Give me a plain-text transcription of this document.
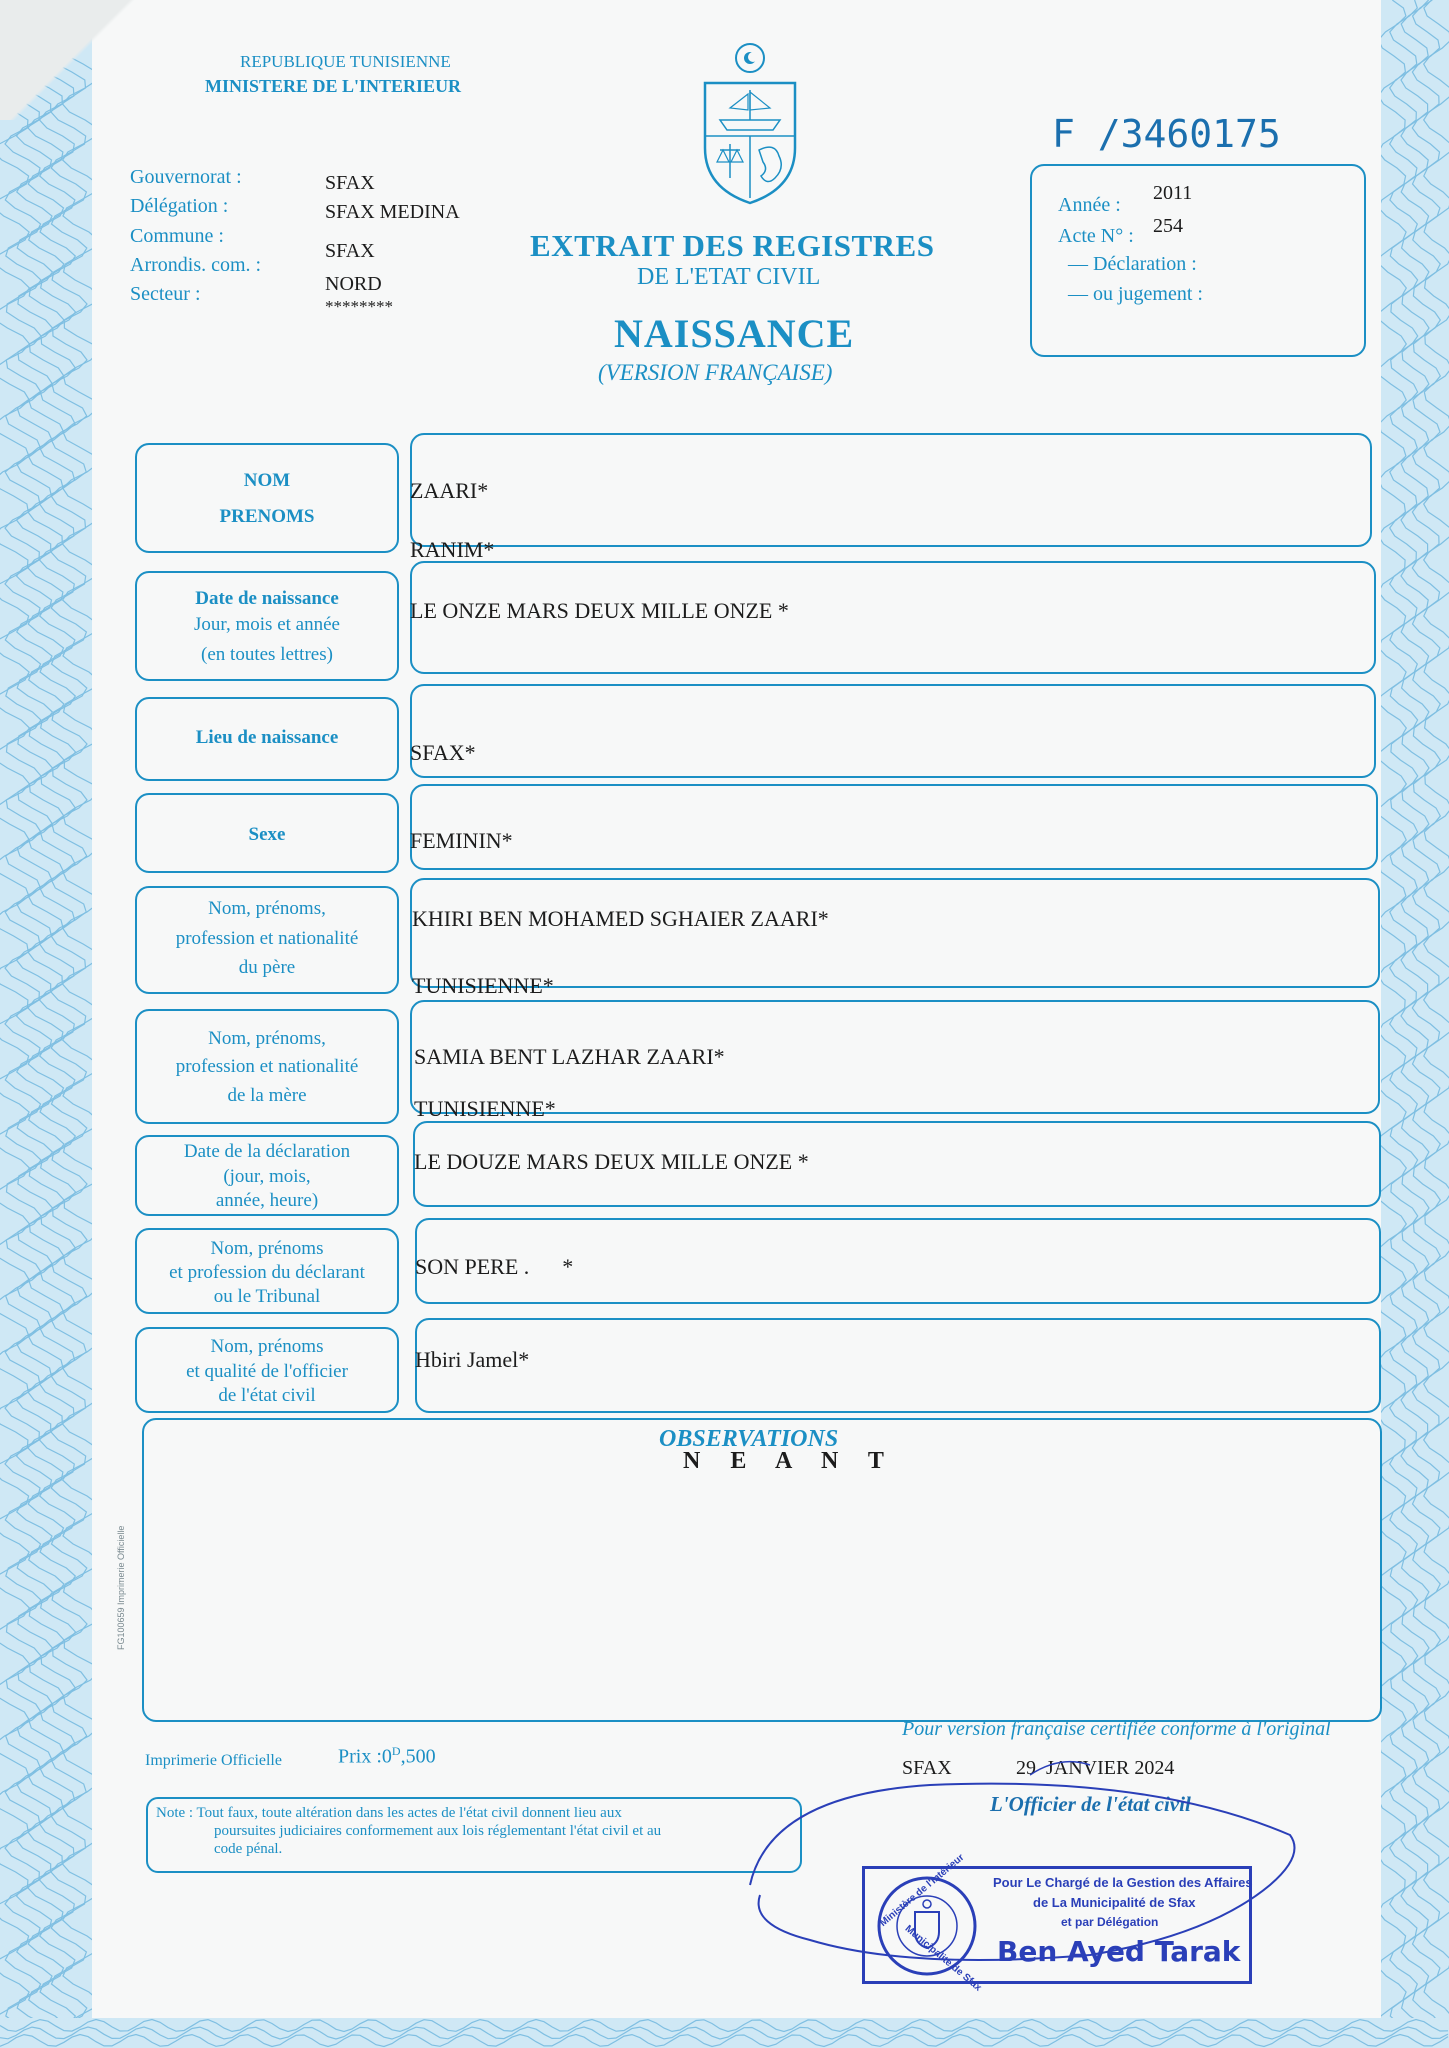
REPUBLIQUE TUNISIENNE
MINISTERE DE L'INTERIEUR
F /3460175
Gouvernorat :
Délégation :
Commune :
Arrondis. com. :
Secteur :
SFAX
SFAX MEDINA
SFAX
NORD
********
EXTRAIT DES REGISTRES
DE L'ETAT CIVIL
NAISSANCE
(VERSION FRANÇAISE)
Année :
2011
Acte N° : 254
— Déclaration :
— ou jugement :
NOM
PRENOMS
Date de naissance
Jour, mois et année
(en toutes lettres)
Lieu de naissance
Sexe
Nom, prénoms,
profession et nationalité
du père
Nom, prénoms,
profession et nationalité
de la mère
Date de la déclaration
(jour, mois,
année, heure)
Nom, prénoms
et profession du déclarant
ou le Tribunal
Nom, prénoms
et qualité de l'officier
de l'état civil
ZAARI*
RANIM*
LE ONZE MARS DEUX MILLE ONZE *
SFAX*
FEMININ*
KHIRI BEN MOHAMED SGHAIER ZAARI*
TUNISIENNE*
SAMIA BENT LAZHAR ZAARI*
TUNISIENNE*
LE DOUZE MARS DEUX MILLE ONZE *
SON PERE .      *
Hbiri Jamel*
OBSERVATIONS
N E A N T
FG100659 Imprimerie Officielle
Imprimerie Officielle	Prix $:0^D,500$
Note : Tout faux, toute altération dans les actes de l'état civil donnent lieu aux
poursuites judiciaires conformement aux lois réglementant l'état civil et au
code pénal.
Pour version française certifiée conforme à l'original
SFAX	29  JANVIER 2024
L'Officier de l'état civil
Ministère de l'Intérieur
Municipalité de Sfax
Pour Le Chargé de la Gestion des Affaires
de La Municipalité de Sfax
et par Délégation
Ben Ayed Tarak
